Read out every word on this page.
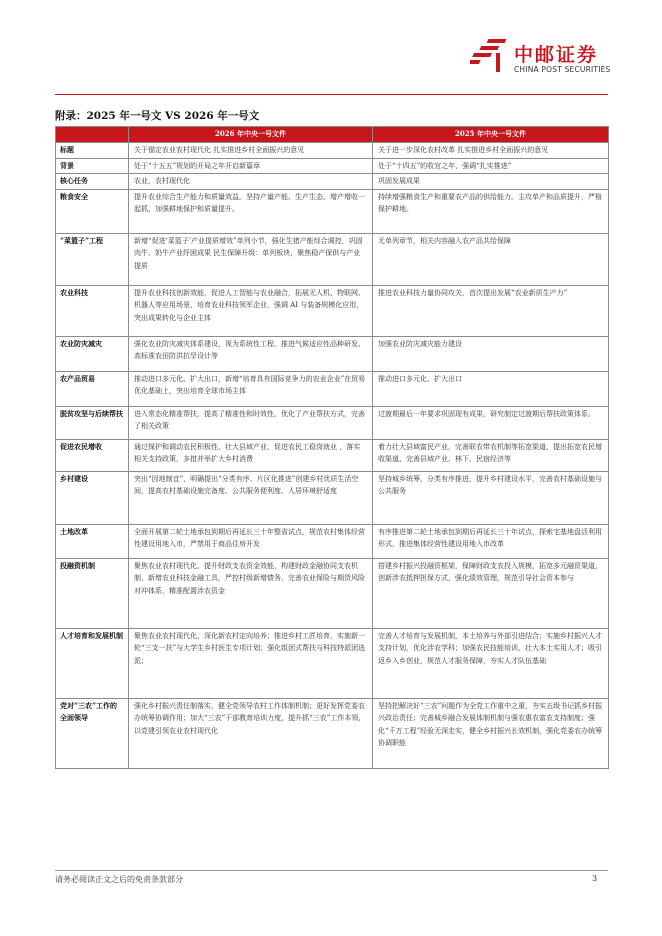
中邮证券
CHINA POST SECURITIES
附录：2025 年一号文 VS 2026 年一号文
	2026 年中央一号文件	2025 年中央一号文件
标题	关于锚定农业农村现代化 扎实推进乡村全面振兴的意见	关于进一步深化农村改革 扎实推进乡村全面振兴的意见
背景	处于“十五五”规划的开局之年开启新篇章	处于“十四五”的收官之年，强调“扎实推进”
核心任务	农业，农村现代化	巩固发展成果
粮食安全	提升农业综合生产能力和质量效益。坚持产量产能、生产生态、增产增收一起抓，加强耕地保护和质量提升。	持续增强粮食生产和重要农产品的供给能力。主攻单产和品质提升，严格保护耕地。
“菜篮子”工程	新增“促进‘菜篮子’产业提质增效”单列小节，强化生猪产能综合调控，巩固肉牛、奶牛产业纾困成果 民生保障升级：单列板块，聚焦稳产保供与产业提质	无单列章节，相关内容融入农产品共给保障
农业科技	提升农业科技创新效能，促进人工智能与农业融合，拓展无人机、物联网、机器人等应用场景，培育农业科技领军企业，强调 AI 与装备规模化应用，突出成果转化与企业主体	推进农业科技力量协同攻关，首次提出发展“农业新质生产力”
农业防灾减灾	强化农业防灾减灾体系建设，视为系统性工程，推进气候适应性品种研发、高标准农田防洪抗旱设计等	加强农业防灾减灾能力建设
农产品贸易	推动进口多元化、扩大出口，新增“培育具有国际竞争力的农业企业”在贸易优化基础上，突出培育全球市场主体	推动进口多元化、扩大出口
脱贫攻坚与后续帮扶	进入常态化精准帮扶，提高了精准性和时效性，优化了产业帮扶方式，完善了相关政策	过渡期最后一年要求巩固现有成果，研究制定过渡期后帮扶政策体系。
促进农民增收	通过保护和调动农民积极性，壮大县域产业，促进农民工稳岗就业 ，落实相关支持政策，多措并举扩大乡村消费	着力壮大县域富民产业，完善联农带农机制等拓宽渠道，提出拓宽农民增收渠道、完善县域产业、林下、民宿经济等
乡村建设	突出“因地制宜”，明确提出“分类有序、片区化推进”创建乡村优质生活空间，提高农村基础设施完备度、公共服务便利度、人居环境舒适度	坚持城乡统筹，分类有序推进，提升乡村建设水平，完善农村基础设施与公共服务
土地改革	全面开展第二轮土地承包到期后再延长三十年整省试点，规范农村集体经营性建设用地入市，严禁用于商品住房开发	有序推进第二轮土地承包到期后再延长三十年试点，探索宅基地盘活利用形式，推进集体经营性建设用地入市改革
投融资机制	聚焦农业农村现代化，提升财政支农资金效能，构建财政金融协同支农机制，新增农业科技金融工具，严控村级新增债务，完善农业保险与期货风险对冲体系，精准配置涉农资金	搭建乡村振兴投融资框架，保障财政支农投入规模，拓宽多元融资渠道，创新涉农抵押担保方式，强化绩效管理，规范引导社会资本参与
人才培育和发展机制	聚焦农业农村现代化，深化新农村定向培养；推进乡村工匠培育，实施新一轮“三支一扶”与大学生乡村医生专项计划；强化组团式帮扶与科技特派团选派；	完善人才培育与发展机制，本土培养与外部引进结合；实施乡村振兴人才支持计划，优化涉农学科；加强农民技能培训，壮大本土实用人才；吸引返乡入乡创业，规范人才服务保障，夯实人才队伍基础
党对“三农”工作的全面领导	强化乡村振兴责任制落实，健全党领导农村工作体制机制；更好发挥党委农办统筹协调作用；加大“三农”干部教育培训力度，提升抓“三农”工作本领，以党建引领农业农村现代化	坚持把解决好“三农”问题作为全党工作重中之重，夯实五级书记抓乡村振兴政治责任；完善城乡融合发展体制机制与强农惠农富农支持制度；强化“千万工程”经验无深走实，健全乡村振兴长效机制，强化党委农办统筹协调职能
请务必阅读正文之后的免责条款部分	3
